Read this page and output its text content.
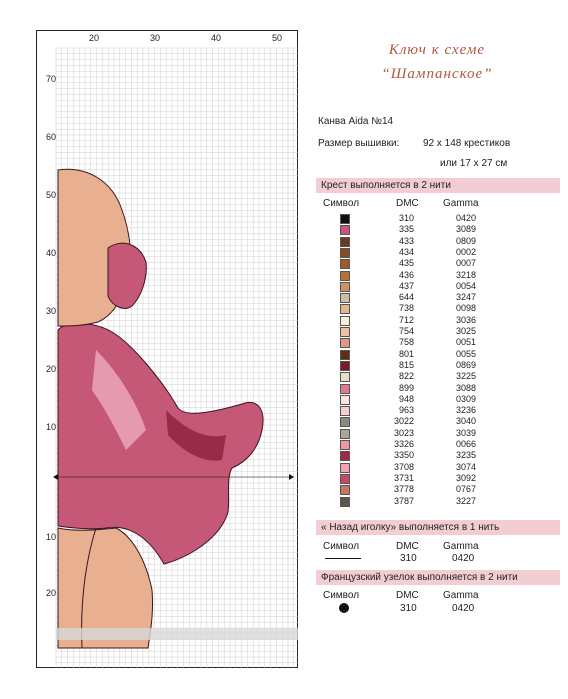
20	30	40	50
70
60
50
40
30
20
10
10
20
Ключ к схеме
“Шампанское”
Канва Aida №14
Размер вышивки: 92 х 148 крестиков
или 17 х 27 см
Крест выполняется в 2 нити
Символ	DMC Gamma
310	0420
335	3089
433	0809
434	0002
435	0007
436	3218
437	0054
644	3247
738	0098
712	3036
754	3025
758	0051
801	0055
815	0869
822	3225
899	3088
948	0309
963	3236
3022	3040
3023	3039
3326	0066
3350	3235
3708	3074
3731	3092
3778	0767
3787	3227
« Назад иголку» выполняется в 1 нить
Символ	DMC Gamma
310	0420
Французский узелок выполняется в 2 нити
Символ	DMC Gamma
310	0420
